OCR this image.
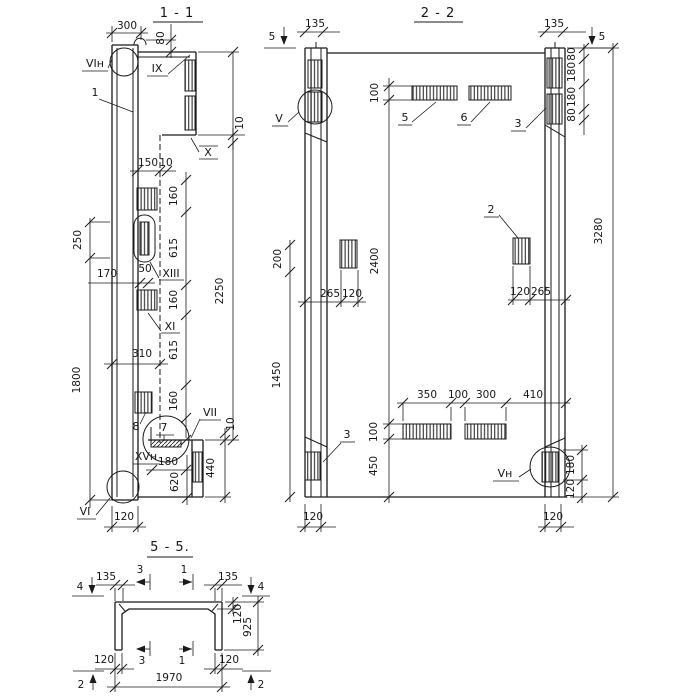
1 - 1
300
80
150 10
10
160
615
160
615
160
2250
250
1800
170 50
310
180
620
440
10
120
VIн
1
IX
X
XIII
XI
VII
7
8
XVн
VI
2 - 2
5	5
135	135
80
180
180
80
3280
100
2400
100
450
200
1450
265 120	120 265
350 100 300	410
180
120
120	120
V	5	6	3
2
3
Vн
5 - 5.
4	4
135	135
3	1
120
925
120
1970
120
2	2
3	1
